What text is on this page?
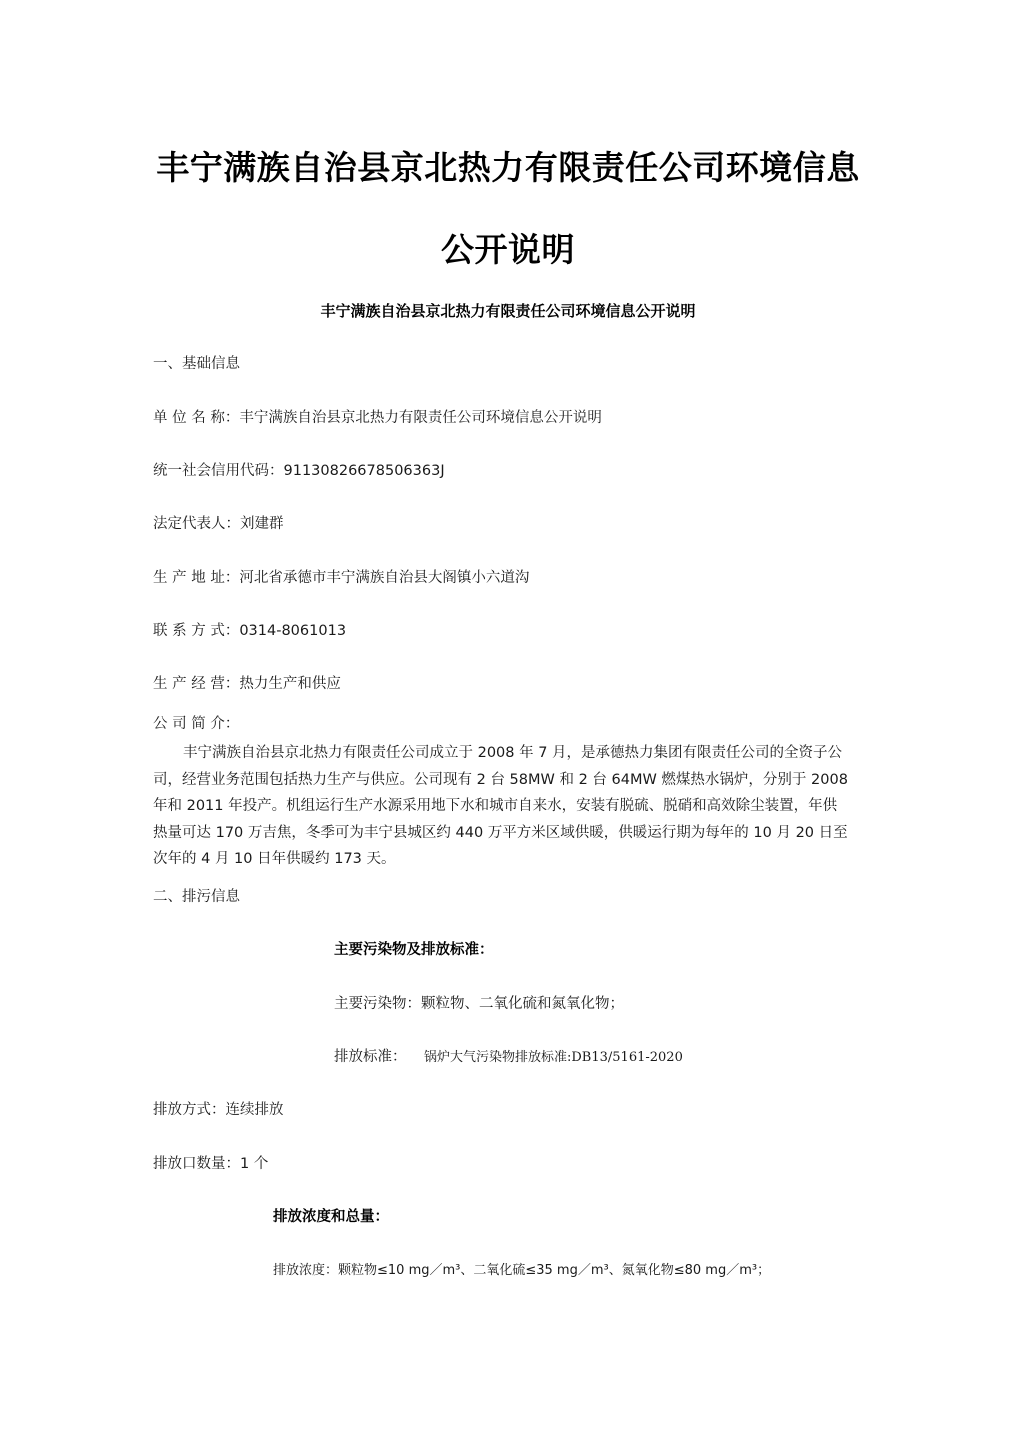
丰宁满族自治县京北热力有限责任公司环境信息
公开说明
丰宁满族自治县京北热力有限责任公司环境信息公开说明
一、基础信息
单 位 名 称：丰宁满族自治县京北热力有限责任公司环境信息公开说明
统一社会信用代码：91130826678506363J
法定代表人：刘建群
生 产 地 址：河北省承德市丰宁满族自治县大阁镇小六道沟
联 系 方 式：0314-8061013
生 产 经 营：热力生产和供应
公 司 简 介：
丰宁满族自治县京北热力有限责任公司成立于 2008 年 7 月，是承德热力集团有限责任公司的全资子公
司，经营业务范围包括热力生产与供应。公司现有 2 台 58MW 和 2 台 64MW 燃煤热水锅炉，分别于 2008
年和 2011 年投产。机组运行生产水源采用地下水和城市自来水，安装有脱硫、脱硝和高效除尘装置，年供
热量可达 170 万吉焦，冬季可为丰宁县城区约 440 万平方米区域供暖，供暖运行期为每年的 10 月 20 日至
次年的 4 月 10 日年供暖约 173 天。
二、排污信息
主要污染物及排放标准：
主要污染物：颗粒物、二氧化硫和氮氧化物；
排放标准： 锅炉大气污染物排放标准:DB13/5161-2020
排放方式：连续排放
排放口数量：1 个
排放浓度和总量：
排放浓度：颗粒物≤10 mg／m³、二氧化硫≤35 mg／m³、氮氧化物≤80 mg／m³；
